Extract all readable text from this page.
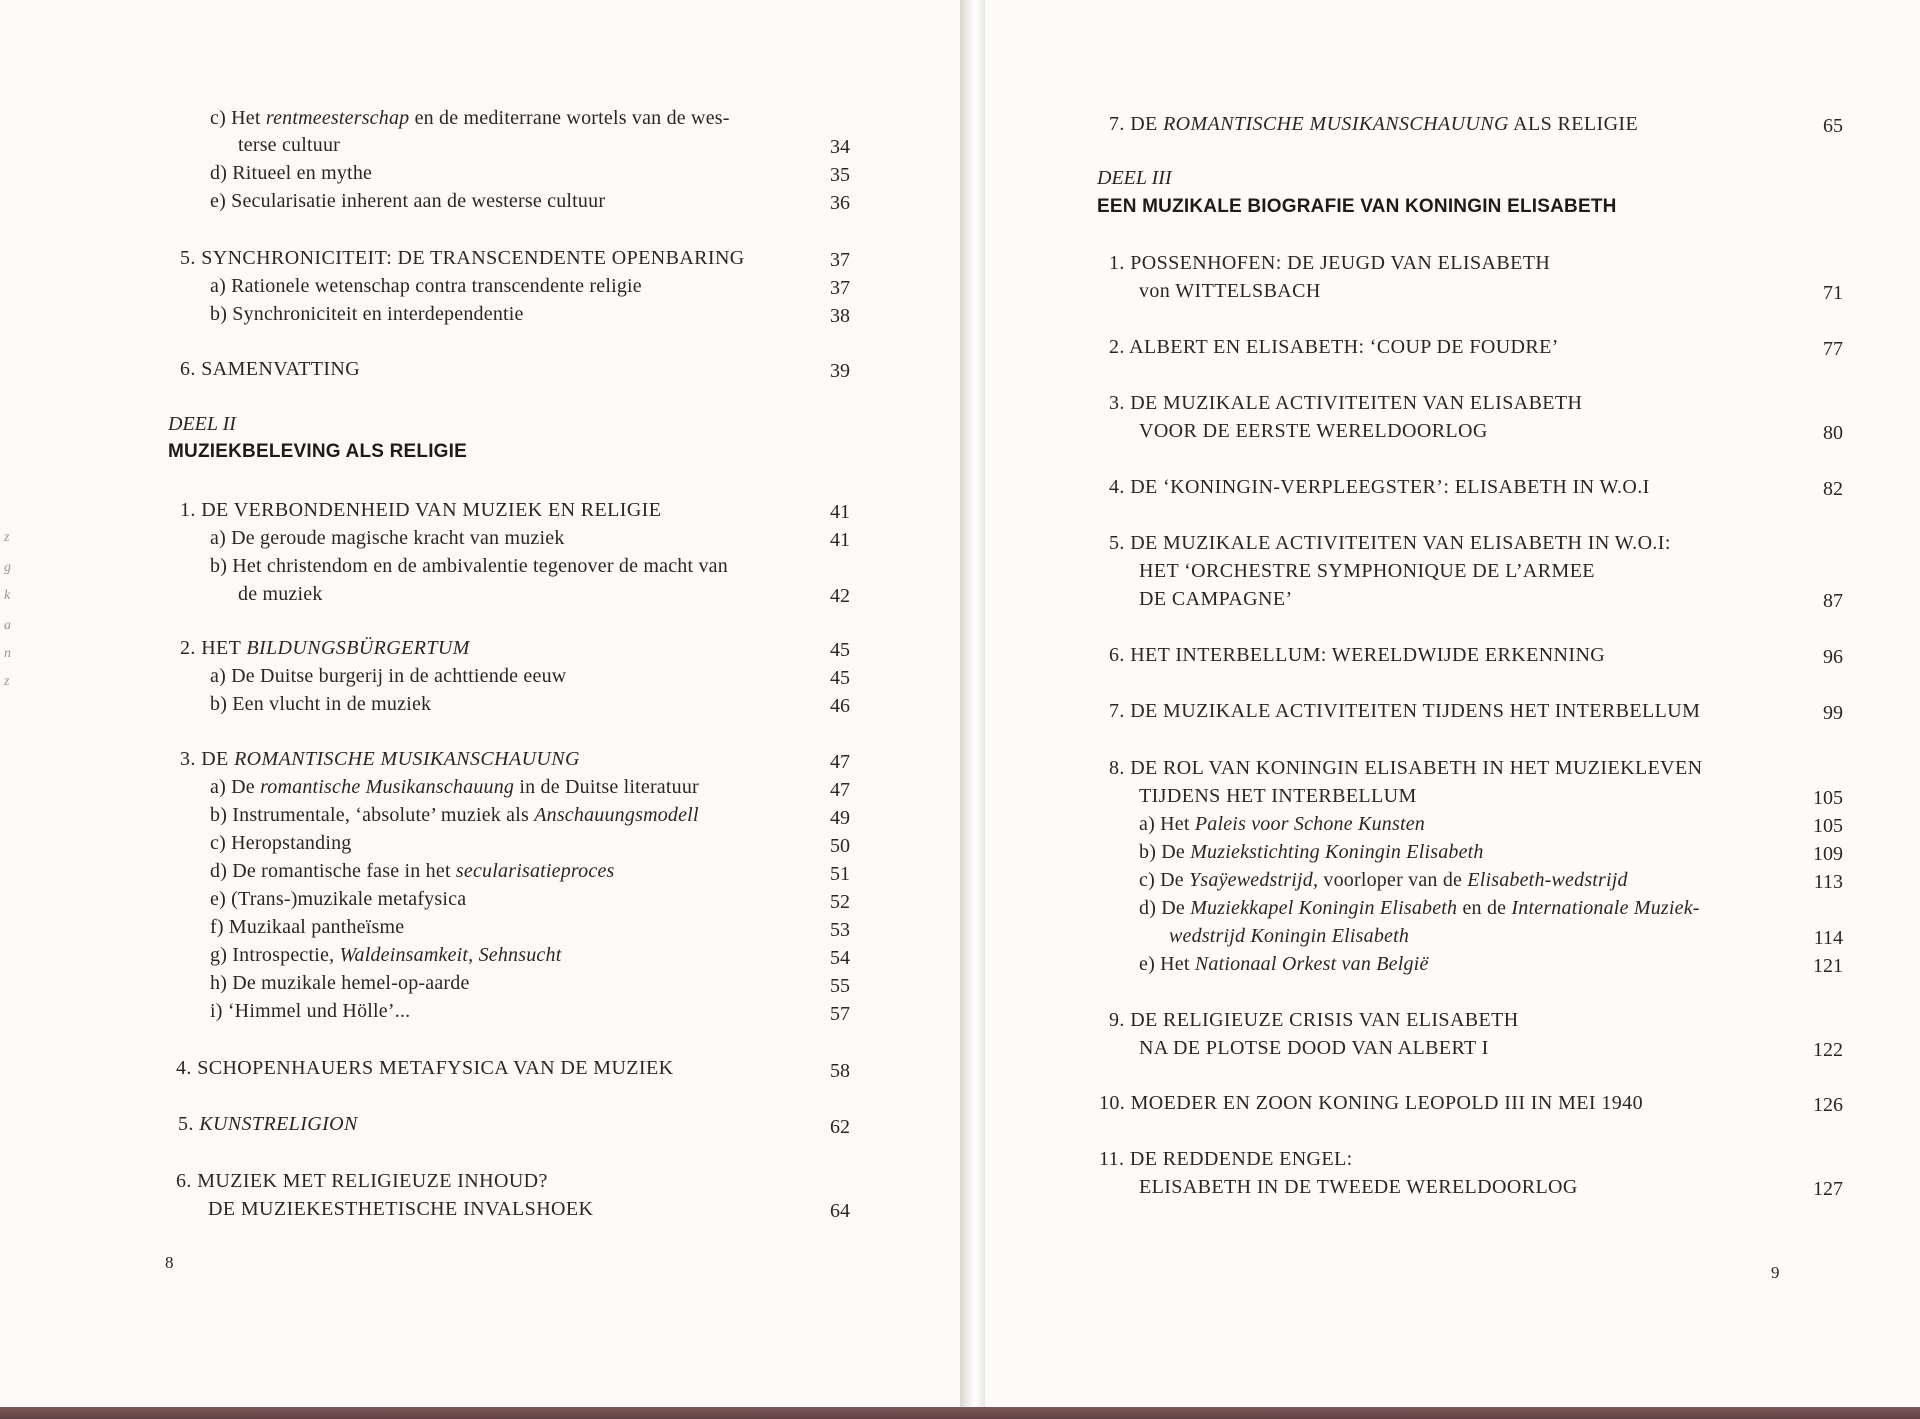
z
g
k
a
n
z
c) Het rentmeesterschap en de mediterrane wortels van de wes-
terse cultuur	34
d) Ritueel en mythe	35
e) Secularisatie inherent aan de westerse cultuur	36
5. SYNCHRONICITEIT: DE TRANSCENDENTE OPENBARING	37
a) Rationele wetenschap contra transcendente religie	37
b) Synchroniciteit en interdependentie	38
6. SAMENVATTING	39
DEEL II
MUZIEKBELEVING ALS RELIGIE
1. DE VERBONDENHEID VAN MUZIEK EN RELIGIE	41
a) De geroude magische kracht van muziek	41
b) Het christendom en de ambivalentie tegenover de macht van
de muziek	42
2. HET BILDUNGSBÜRGERTUM	45
a) De Duitse burgerij in de achttiende eeuw	45
b) Een vlucht in de muziek	46
3. DE ROMANTISCHE MUSIKANSCHAUUNG	47
a) De romantische Musikanschauung in de Duitse literatuur	47
b) Instrumentale, ‘absolute’ muziek als Anschauungsmodell	49
c) Heropstanding	50
d) De romantische fase in het secularisatieproces	51
e) (Trans-)muzikale metafysica	52
f) Muzikaal pantheïsme	53
g) Introspectie, Waldeinsamkeit, Sehnsucht	54
h) De muzikale hemel-op-aarde	55
i) ‘Himmel und Hölle’...	57
4. SCHOPENHAUERS METAFYSICA VAN DE MUZIEK	58
5. KUNSTRELIGION	62
6. MUZIEK MET RELIGIEUZE INHOUD?
DE MUZIEKESTHETISCHE INVALSHOEK	64
8
7. DE ROMANTISCHE MUSIKANSCHAUUNG ALS RELIGIE	65
DEEL III
EEN MUZIKALE BIOGRAFIE VAN KONINGIN ELISABETH
1. POSSENHOFEN: DE JEUGD VAN ELISABETH
von WITTELSBACH	71
2. ALBERT EN ELISABETH: ‘COUP DE FOUDRE’	77
3. DE MUZIKALE ACTIVITEITEN VAN ELISABETH
VOOR DE EERSTE WERELDOORLOG	80
4. DE ‘KONINGIN-VERPLEEGSTER’: ELISABETH IN W.O.I	82
5. DE MUZIKALE ACTIVITEITEN VAN ELISABETH IN W.O.I:
HET ‘ORCHESTRE SYMPHONIQUE DE L’ARMEE
DE CAMPAGNE’	87
6. HET INTERBELLUM: WERELDWIJDE ERKENNING	96
7. DE MUZIKALE ACTIVITEITEN TIJDENS HET INTERBELLUM	99
8. DE ROL VAN KONINGIN ELISABETH IN HET MUZIEKLEVEN
TIJDENS HET INTERBELLUM	105
a) Het Paleis voor Schone Kunsten	105
b) De Muziekstichting Koningin Elisabeth	109
c) De Ysaÿewedstrijd, voorloper van de Elisabeth-wedstrijd	113
d) De Muziekkapel Koningin Elisabeth en de Internationale Muziek-
wedstrijd Koningin Elisabeth	114
e) Het Nationaal Orkest van België	121
9. DE RELIGIEUZE CRISIS VAN ELISABETH
NA DE PLOTSE DOOD VAN ALBERT I	122
10. MOEDER EN ZOON KONING LEOPOLD III IN MEI 1940	126
11. DE REDDENDE ENGEL:
ELISABETH IN DE TWEEDE WERELDOORLOG	127
9
